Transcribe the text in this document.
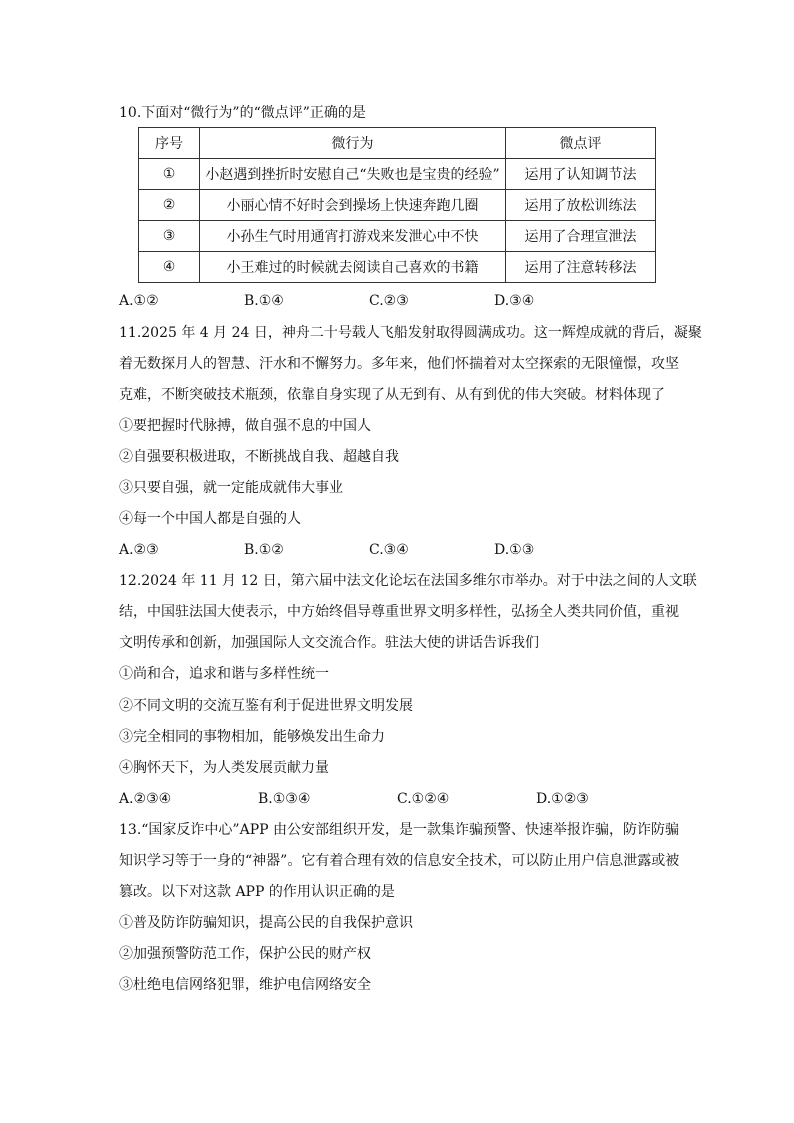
10.下面对“微行为”的“微点评”正确的是
序号	微行为	微点评
①	小赵遇到挫折时安慰自己“失败也是宝贵的经验”	运用了认知调节法
②	小丽心情不好时会到操场上快速奔跑几圈	运用了放松训练法
③	小孙生气时用通宵打游戏来发泄心中不快	运用了合理宣泄法
④	小王难过的时候就去阅读自己喜欢的书籍	运用了注意转移法
A.①②	B.①④	C.②③	D.③④
11.2025 年 4 月 24 日，神舟二十号载人飞船发射取得圆满成功。这一辉煌成就的背后，凝聚
着无数探月人的智慧、汗水和不懈努力。多年来，他们怀揣着对太空探索的无限憧憬，攻坚
克难，不断突破技术瓶颈，依靠自身实现了从无到有、从有到优的伟大突破。材料体现了
①要把握时代脉搏，做自强不息的中国人
②自强要积极进取，不断挑战自我、超越自我
③只要自强，就一定能成就伟大事业
④每一个中国人都是自强的人
A.②③	B.①②	C.③④	D.①③
12.2024 年 11 月 12 日，第六届中法文化论坛在法国多维尔市举办。对于中法之间的人文联
结，中国驻法国大使表示，中方始终倡导尊重世界文明多样性，弘扬全人类共同价值，重视
文明传承和创新，加强国际人文交流合作。驻法大使的讲话告诉我们
①尚和合，追求和谐与多样性统一
②不同文明的交流互鉴有利于促进世界文明发展
③完全相同的事物相加，能够焕发出生命力
④胸怀天下，为人类发展贡献力量
A.②③④	B.①③④	C.①②④	D.①②③
13.“国家反诈中心”APP 由公安部组织开发，是一款集诈骗预警、快速举报诈骗，防诈防骗
知识学习等于一身的“神器”。它有着合理有效的信息安全技术，可以防止用户信息泄露或被
篡改。以下对这款 APP 的作用认识正确的是
①普及防诈防骗知识，提高公民的自我保护意识
②加强预警防范工作，保护公民的财产权
③杜绝电信网络犯罪，维护电信网络安全
